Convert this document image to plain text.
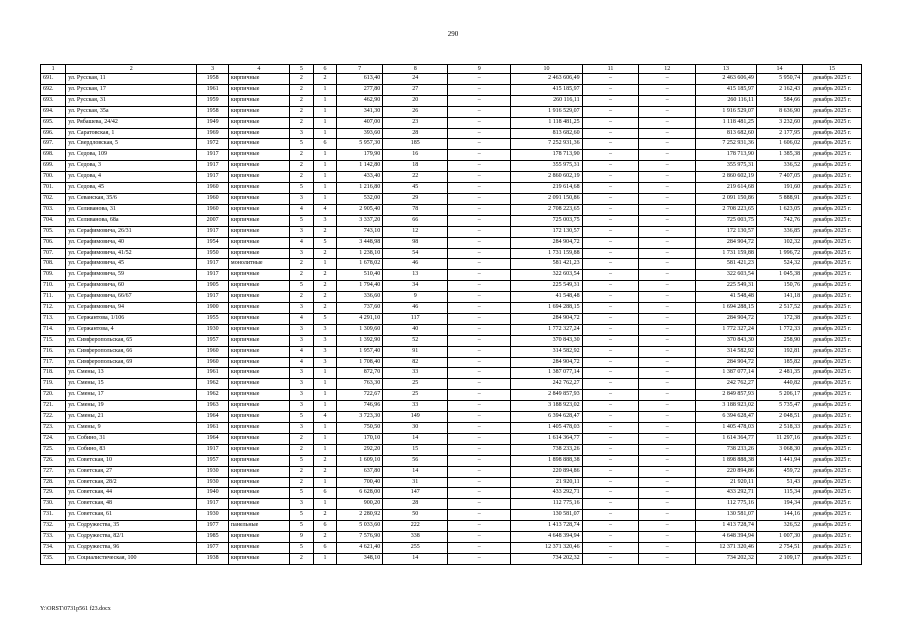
290
1	2	3	4	5	6	7	8	9	10	11	12	13	14	15
691.	ул. Русская, 11	1958	кирпичные	2	2	613,40	24	–	2 463 606,49	–	–	2 463 606,49	5 950,74	декабрь 2025 г.
692.	ул. Русская, 17	1961	кирпичные	2	1	277,80	27	–	415 185,97	–	–	415 185,97	2 162,43	декабрь 2025 г.
693.	ул. Русская, 31	1959	кирпичные	2	1	462,90	20	–	260 116,11	–	–	260 116,11	584,66	декабрь 2025 г.
694.	ул. Русская, 35а	1958	кирпичные	2	1	341,30	26	–	1 916 529,07	–	–	1 916 529,07	8 636,90	декабрь 2025 г.
695.	ул. Рябашева, 24/42	1949	кирпичные	2	1	407,00	23	–	1 118 481,25	–	–	1 118 481,25	3 232,60	декабрь 2025 г.
696.	ул. Саратовская, 1	1969	кирпичные	3	1	393,60	28	–	813 682,60	–	–	813 682,60	2 177,95	декабрь 2025 г.
697.	ул. Свердловская, 5	1972	кирпичные	5	6	5 957,30	185	–	7 252 931,36	–	–	7 252 931,36	1 606,02	декабрь 2025 г.
698.	ул. Седова, 109	1917	кирпичные	2	1	179,90	16	–	178 713,90	–	–	178 713,90	1 385,38	декабрь 2025 г.
699.	ул. Седова, 3	1917	кирпичные	2	1	1 142,80	18	–	355 975,31	–	–	355 975,31	336,52	декабрь 2025 г.
700.	ул. Седова, 4	1917	кирпичные	2	1	433,40	22	–	2 860 602,19	–	–	2 860 602,19	7 407,05	декабрь 2025 г.
701.	ул. Седова, 45	1960	кирпичные	5	1	1 216,80	45	–	219 614,68	–	–	219 614,68	191,60	декабрь 2025 г.
702.	ул. Севанская, 35/6	1960	кирпичные	3	1	532,00	29	–	2 091 150,86	–	–	2 091 150,86	5 888,91	декабрь 2025 г.
703.	ул. Селиванова, 31	1960	кирпичные	4	4	2 905,40	78	–	2 708 223,65	–	–	2 708 223,65	1 623,05	декабрь 2025 г.
704.	ул. Селиванова, 68а	2007	кирпичные	5	3	3 337,20	66	–	725 003,75	–	–	725 003,75	742,76	декабрь 2025 г.
705.	ул. Серафимовича, 26/31	1917	кирпичные	3	2	743,10	12	–	172 130,57	–	–	172 130,57	336,85	декабрь 2025 г.
706.	ул. Серафимовича, 40	1954	кирпичные	4	5	3 448,98	98	–	284 904,72	–	–	284 904,72	102,32	декабрь 2025 г.
707.	ул. Серафимовича, 41/52	1950	кирпичные	3	2	1 238,10	54	–	1 731 159,88	–	–	1 731 159,88	1 996,72	декабрь 2025 г.
708.	ул. Серафимовича, 45	1917	монолитные	2	1	1 678,02	46	–	581 421,23	–	–	581 421,23	524,32	декабрь 2025 г.
709.	ул. Серафимовича, 59	1917	кирпичные	2	2	510,40	13	–	322 603,54	–	–	322 603,54	1 045,38	декабрь 2025 г.
710.	ул. Серафимовича, 60	1905	кирпичные	5	2	1 794,40	34	–	225 549,31	–	–	225 549,31	150,76	декабрь 2025 г.
711.	ул. Серафимовича, 66/67	1917	кирпичные	2	2	336,60	9	–	41 548,48	–	–	41 548,48	141,18	декабрь 2025 г.
712.	ул. Серафимовича, 94	1900	кирпичные	3	2	737,60	46	–	1 694 288,15	–	–	1 694 288,15	2 517,52	декабрь 2025 г.
713.	ул. Сержантова, 1/106	1955	кирпичные	4	5	4 291,10	117	–	284 904,72	–	–	284 904,72	172,38	декабрь 2025 г.
714.	ул. Сержантова, 4	1930	кирпичные	3	3	1 309,60	40	–	1 772 327,24	–	–	1 772 327,24	1 772,33	декабрь 2025 г.
715.	ул. Симферопольская, 65	1957	кирпичные	3	3	1 392,90	52	–	370 843,30	–	–	370 843,30	258,90	декабрь 2025 г.
716.	ул. Симферопольская, 66	1960	кирпичные	4	3	1 957,40	91	–	314 582,92	–	–	314 582,92	192,81	декабрь 2025 г.
717.	ул. Симферопольская, 69	1960	кирпичные	4	3	1 708,40	82	–	284 904,72	–	–	284 904,72	185,82	декабрь 2025 г.
718.	ул. Смены, 13	1961	кирпичные	3	1	872,70	33	–	1 387 077,14	–	–	1 387 077,14	2 481,35	декабрь 2025 г.
719.	ул. Смены, 15	1962	кирпичные	3	1	763,30	25	–	242 762,27	–	–	242 762,27	440,82	декабрь 2025 г.
720.	ул. Смены, 17	1962	кирпичные	3	1	722,67	25	–	2 849 857,93	–	–	2 849 857,93	5 206,17	декабрь 2025 г.
721.	ул. Смены, 19	1963	кирпичные	3	1	746,96	33	–	3 188 923,02	–	–	3 188 923,02	5 735,47	декабрь 2025 г.
722.	ул. Смены, 21	1964	кирпичные	5	4	3 723,30	149	–	6 394 628,47	–	–	6 394 628,47	2 048,51	декабрь 2025 г.
723.	ул. Смены, 9	1961	кирпичные	3	1	750,50	30	–	1 405 478,03	–	–	1 405 478,03	2 518,33	декабрь 2025 г.
724.	ул. Собино, 31	1964	кирпичные	2	1	170,10	14	–	1 614 364,77	–	–	1 614 364,77	11 297,16	декабрь 2025 г.
725.	ул. Собино, 83	1917	кирпичные	2	1	292,20	15	–	738 233,26	–	–	738 233,26	3 068,30	декабрь 2025 г.
726.	ул. Советская, 10	1957	кирпичные	5	2	1 609,10	56	–	1 898 888,38	–	–	1 898 888,38	1 441,94	декабрь 2025 г.
727.	ул. Советская, 27	1930	кирпичные	2	2	637,80	14	–	220 894,86	–	–	220 894,86	459,72	декабрь 2025 г.
728.	ул. Советская, 28/2	1930	кирпичные	2	1	700,40	31	–	21 920,11	–	–	21 920,11	51,43	декабрь 2025 г.
729.	ул. Советская, 44	1940	кирпичные	5	6	6 628,00	147	–	433 292,71	–	–	433 292,71	115,34	декабрь 2025 г.
730.	ул. Советская, 48	1917	кирпичные	3	1	900,20	28	–	112 775,16	–	–	112 775,16	194,34	декабрь 2025 г.
731.	ул. Советская, 61	1930	кирпичные	5	2	2 280,92	50	–	130 581,07	–	–	130 581,07	144,16	декабрь 2025 г.
732.	ул. Содружества, 35	1977	панельные	5	6	5 033,60	222	–	1 413 728,74	–	–	1 413 728,74	326,52	декабрь 2025 г.
733.	ул. Содружества, 82/1	1985	кирпичные	9	2	7 576,90	338	–	4 648 394,94	–	–	4 648 394,94	1 007,30	декабрь 2025 г.
734.	ул. Содружества, 96	1977	кирпичные	5	6	4 621,40	255	–	12 371 320,46	–	–	12 371 320,46	2 754,51	декабрь 2025 г.
735.	ул. Социалистическая, 100	1938	кирпичные	2	1	348,10	14	–	734 202,32	–	–	734 202,32	2 109,17	декабрь 2025 г.
Y:\ORST\0731p561 f23.docx
